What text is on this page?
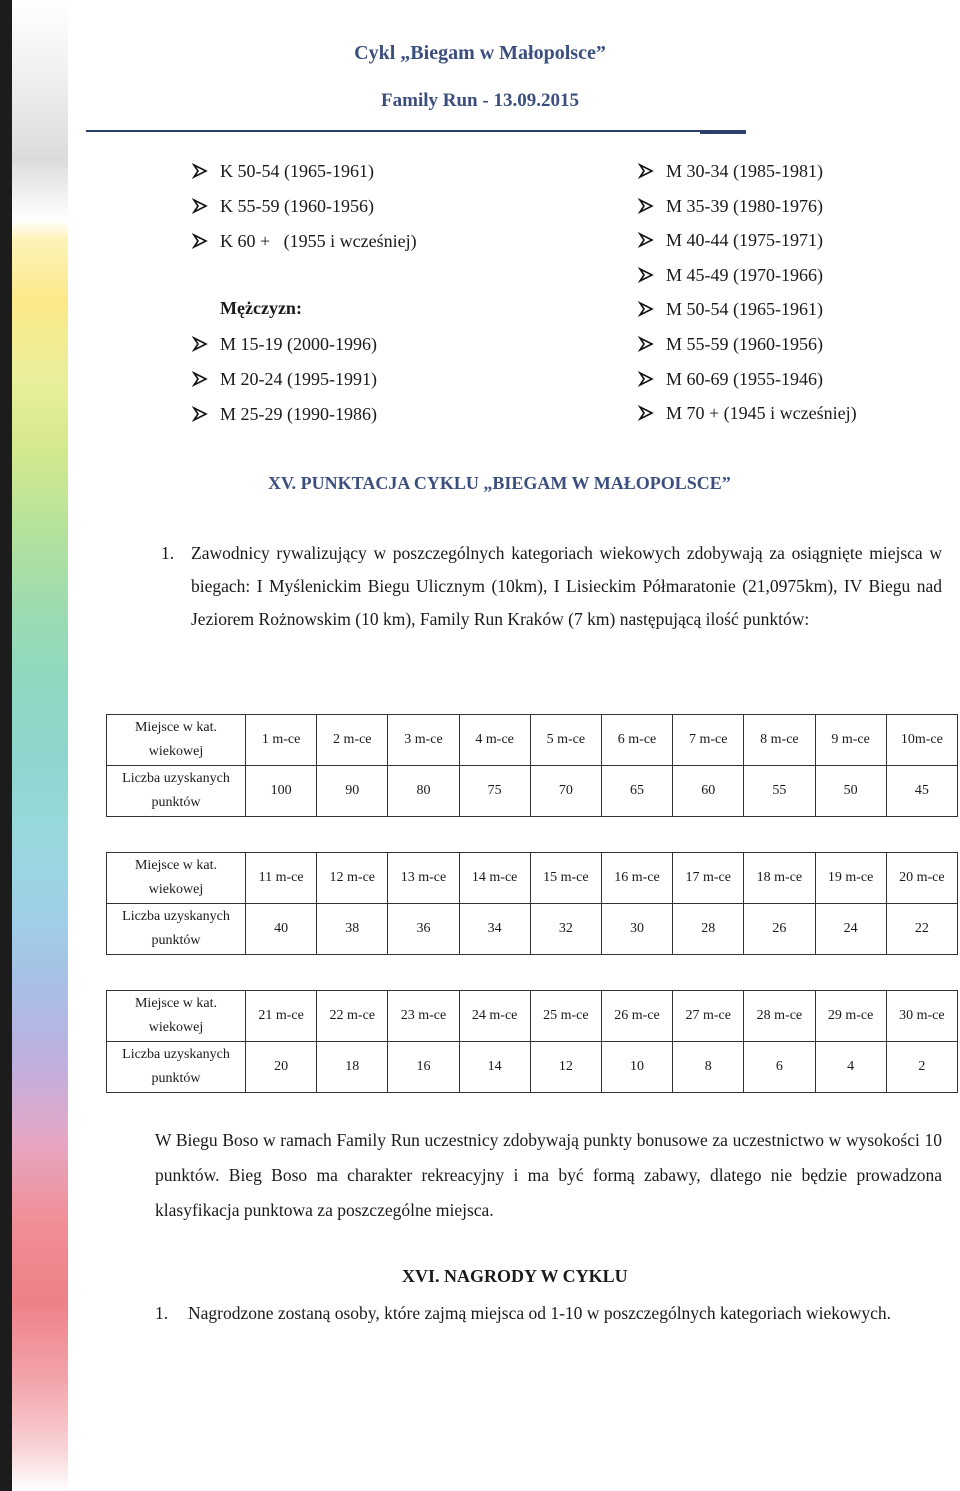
Cykl „Biegam w Małopolsce”
Family Run - 13.09.2015
K 50-54 (1965-1961)
K 55-59 (1960-1956)
K 60 +   (1955 i wcześniej)
Mężczyzn:
M 15-19 (2000-1996)
M 20-24 (1995-1991)
M 25-29 (1990-1986)
M 30-34 (1985-1981)
M 35-39 (1980-1976)
M 40-44 (1975-1971)
M 45-49 (1970-1966)
M 50-54 (1965-1961)
M 55-59 (1960-1956)
M 60-69 (1955-1946)
M 70 + (1945 i wcześniej)
XV. PUNKTACJA CYKLU „BIEGAM W MAŁOPOLSCE”
1. Zawodnicy rywalizujący w poszczególnych kategoriach wiekowych zdobywają za osiągnięte miejsca w biegach: I Myślenickim Biegu Ulicznym (10km), I Lisieckim Półmaratonie (21,0975km), IV Biegu nad Jeziorem Rożnowskim (10 km), Family Run Kraków (7 km) następującą ilość punktów:
Miejsce w kat. wiekowej	1 m-ce	2 m-ce	3 m-ce	4 m-ce	5 m-ce	6 m-ce	7 m-ce	8 m-ce	9 m-ce	10m-ce
Liczba uzyskanych punktów	100	90	80	75	70	65	60	55	50	45
Miejsce w kat. wiekowej	11 m-ce	12 m-ce	13 m-ce	14 m-ce	15 m-ce	16 m-ce	17 m-ce	18 m-ce	19 m-ce	20 m-ce
Liczba uzyskanych punktów	40	38	36	34	32	30	28	26	24	22
Miejsce w kat. wiekowej	21 m-ce	22 m-ce	23 m-ce	24 m-ce	25 m-ce	26 m-ce	27 m-ce	28 m-ce	29 m-ce	30 m-ce
Liczba uzyskanych punktów	20	18	16	14	12	10	8	6	4	2
W Biegu Boso w ramach Family Run uczestnicy zdobywają punkty bonusowe za uczestnictwo w wysokości 10 punktów. Bieg Boso ma charakter rekreacyjny i ma być formą zabawy, dlatego nie będzie prowadzona klasyfikacja punktowa za poszczególne miejsca.
XVI. NAGRODY W CYKLU
1. Nagrodzone zostaną osoby, które zajmą miejsca od 1-10 w poszczególnych kategoriach wiekowych.
